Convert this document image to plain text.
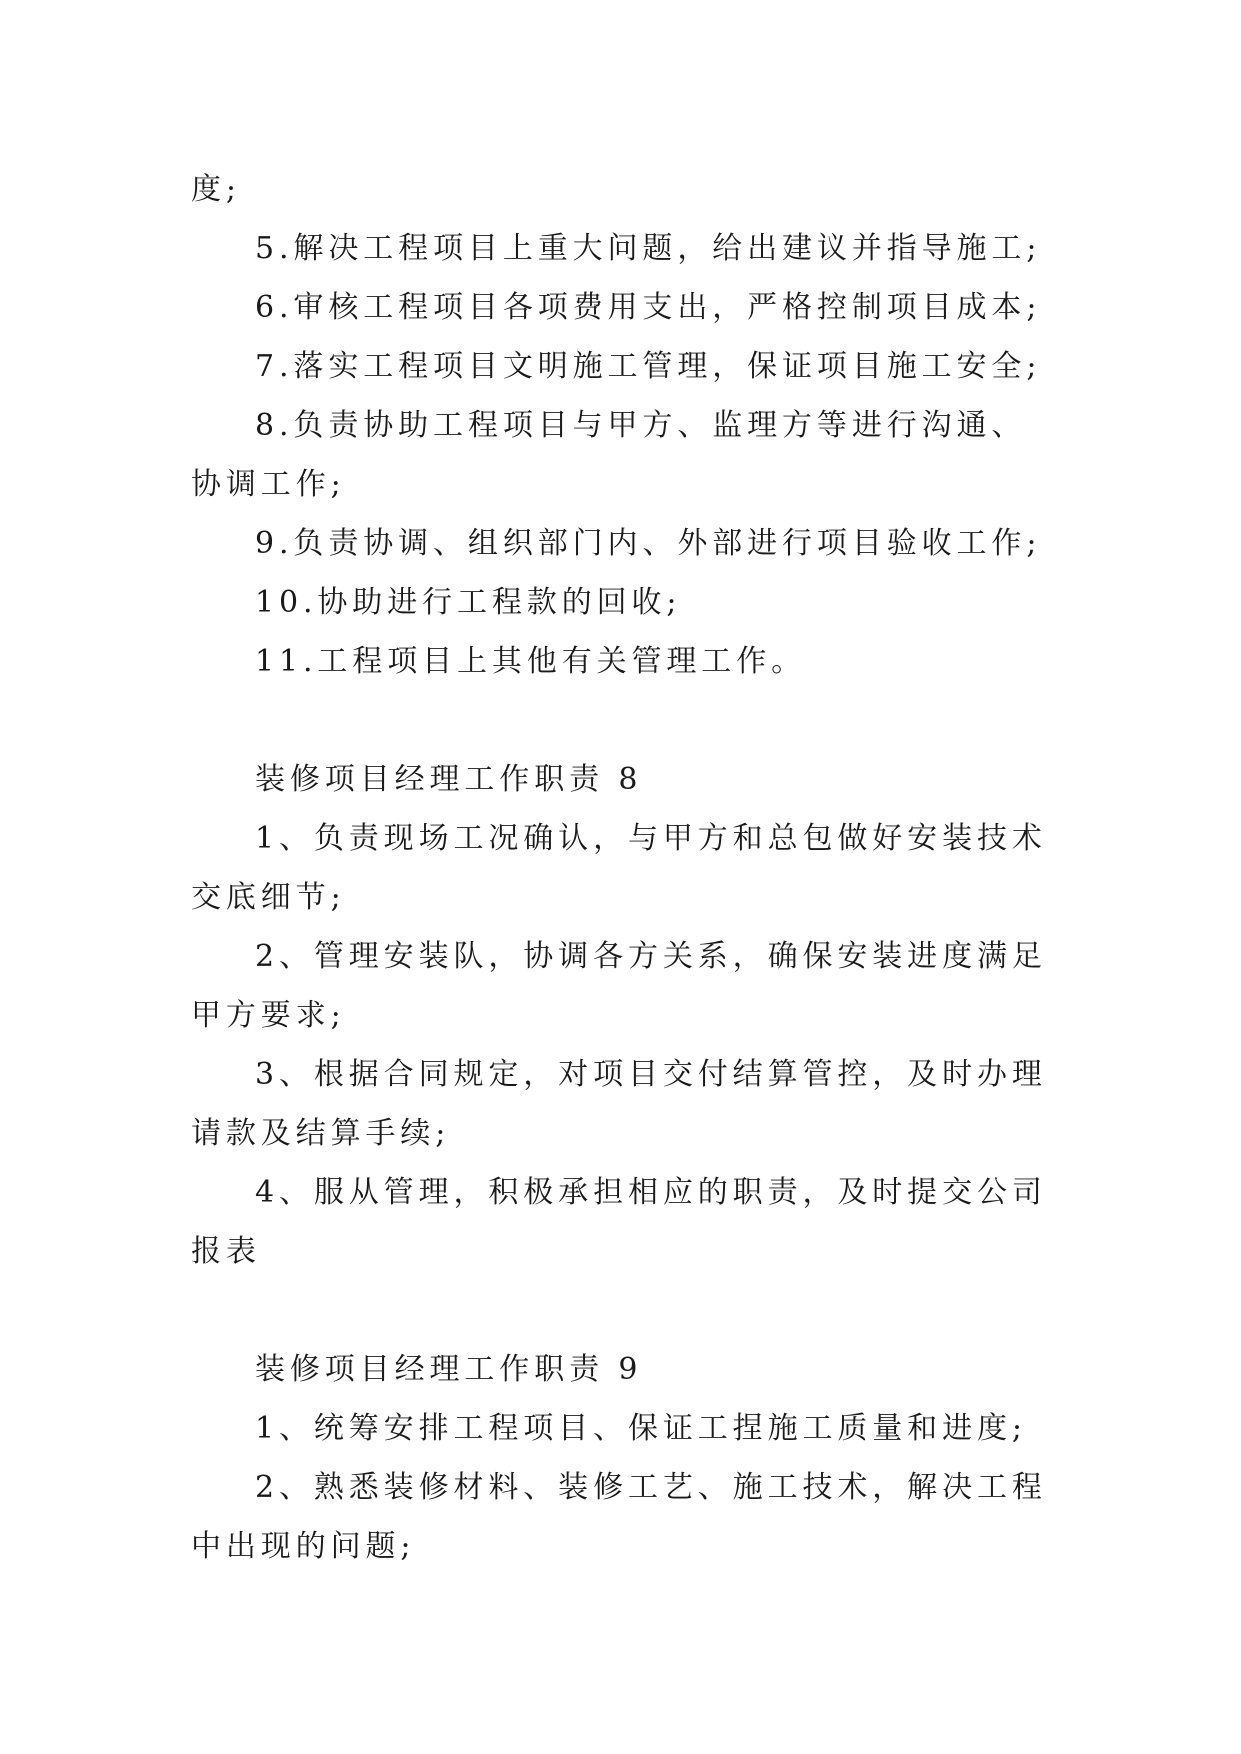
度;

5.解决工程项目上重大问题，给出建议并指导施工;

6.审核工程项目各项费用支出，严格控制项目成本;

7.落实工程项目文明施工管理，保证项目施工安全;

8.负责协助工程项目与甲方、监理方等进行沟通、协调工作;

9.负责协调、组织部门内、外部进行项目验收工作;

10.协助进行工程款的回收;

11.工程项目上其他有关管理工作。

装修项目经理工作职责 8

1、负责现场工况确认，与甲方和总包做好安装技术交底细节;

2、管理安装队，协调各方关系，确保安装进度满足甲方要求;

3、根据合同规定，对项目交付结算管控，及时办理请款及结算手续;

4、服从管理，积极承担相应的职责，及时提交公司报表

装修项目经理工作职责 9

1、统筹安排工程项目、保证工捏施工质量和进度;

2、熟悉装修材料、装修工艺、施工技术，解决工程中出现的问题;
